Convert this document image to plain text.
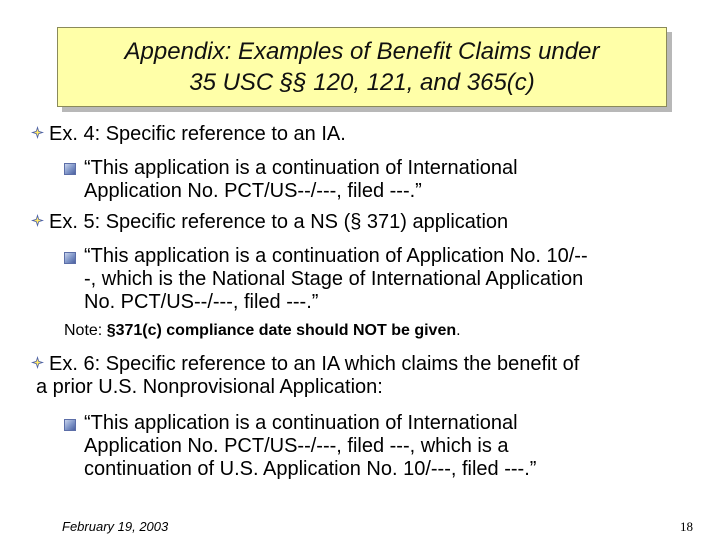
Appendix: Examples of Benefit Claims under
35 USC §§ 120, 121, and 365(c)
Ex. 4: Specific reference to an IA.
“This application is a continuation of International
Application No. PCT/US--/---, filed ---.”
Ex. 5: Specific reference to a NS (§ 371) application
“This application is a continuation of Application No. 10/--
-, which is the National Stage of International Application
No. PCT/US--/---, filed ---.”
Note: §371(c) compliance date should NOT be given.
Ex. 6: Specific reference to an IA which claims the benefit of
a prior U.S. Nonprovisional Application:
“This application is a continuation of International
Application No. PCT/US--/---, filed ---, which is a
continuation of U.S. Application No. 10/---, filed ---.”
February 19, 2003	18
